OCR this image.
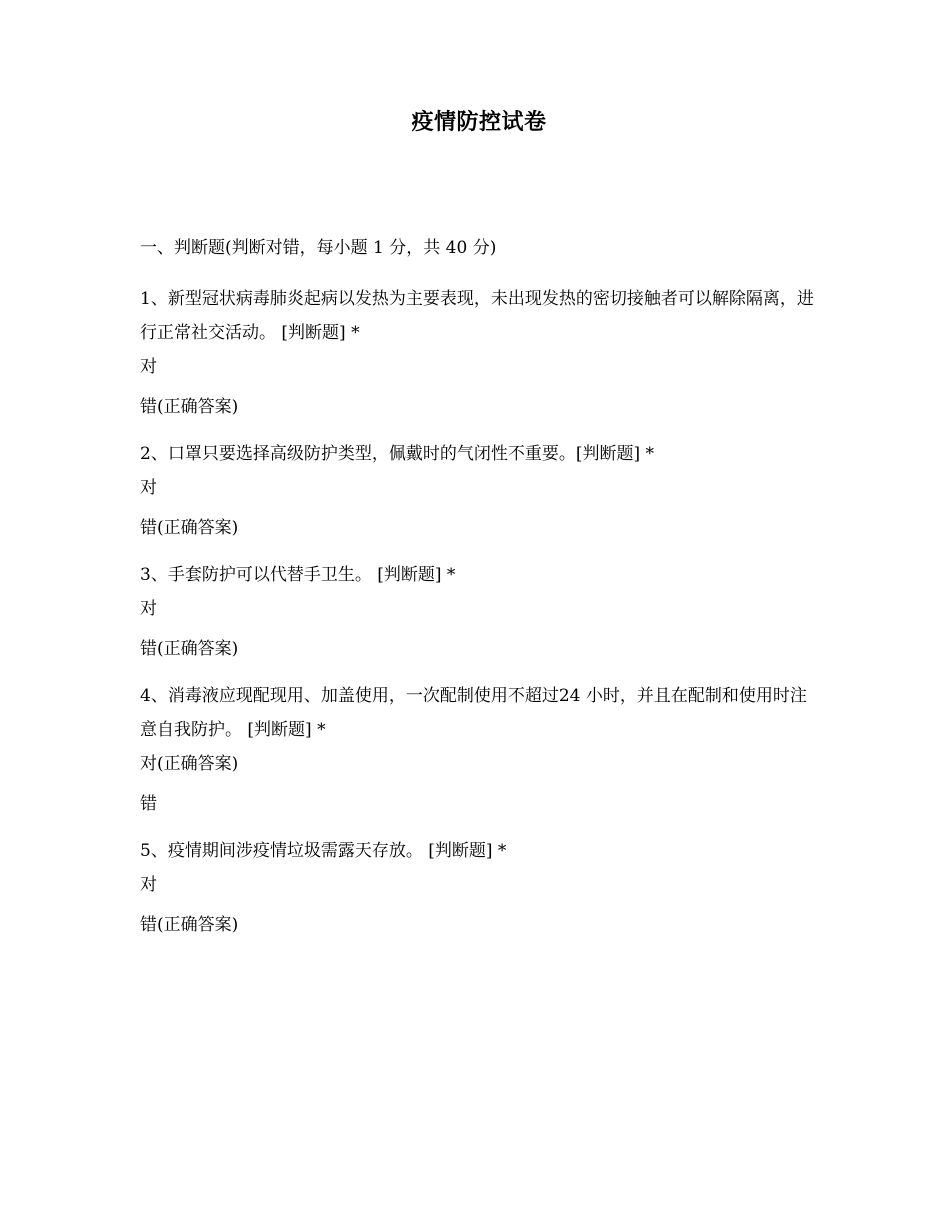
疫情防控试卷

一、判断题(判断对错，每小题 1 分，共 40 分)

1、新型冠状病毒肺炎起病以发热为主要表现，未出现发热的密切接触者可以解除隔离，进行正常社交活动。 [判断题] *

对

错(正确答案)

2、口罩只要选择高级防护类型，佩戴时的气闭性不重要。[判断题] *

对

错(正确答案)

3、手套防护可以代替手卫生。 [判断题] *

对

错(正确答案)

4、消毒液应现配现用、加盖使用，一次配制使用不超过24 小时，并且在配制和使用时注意自我防护。 [判断题] *

对(正确答案)

错

5、疫情期间涉疫情垃圾需露天存放。 [判断题] *

对

错(正确答案)
